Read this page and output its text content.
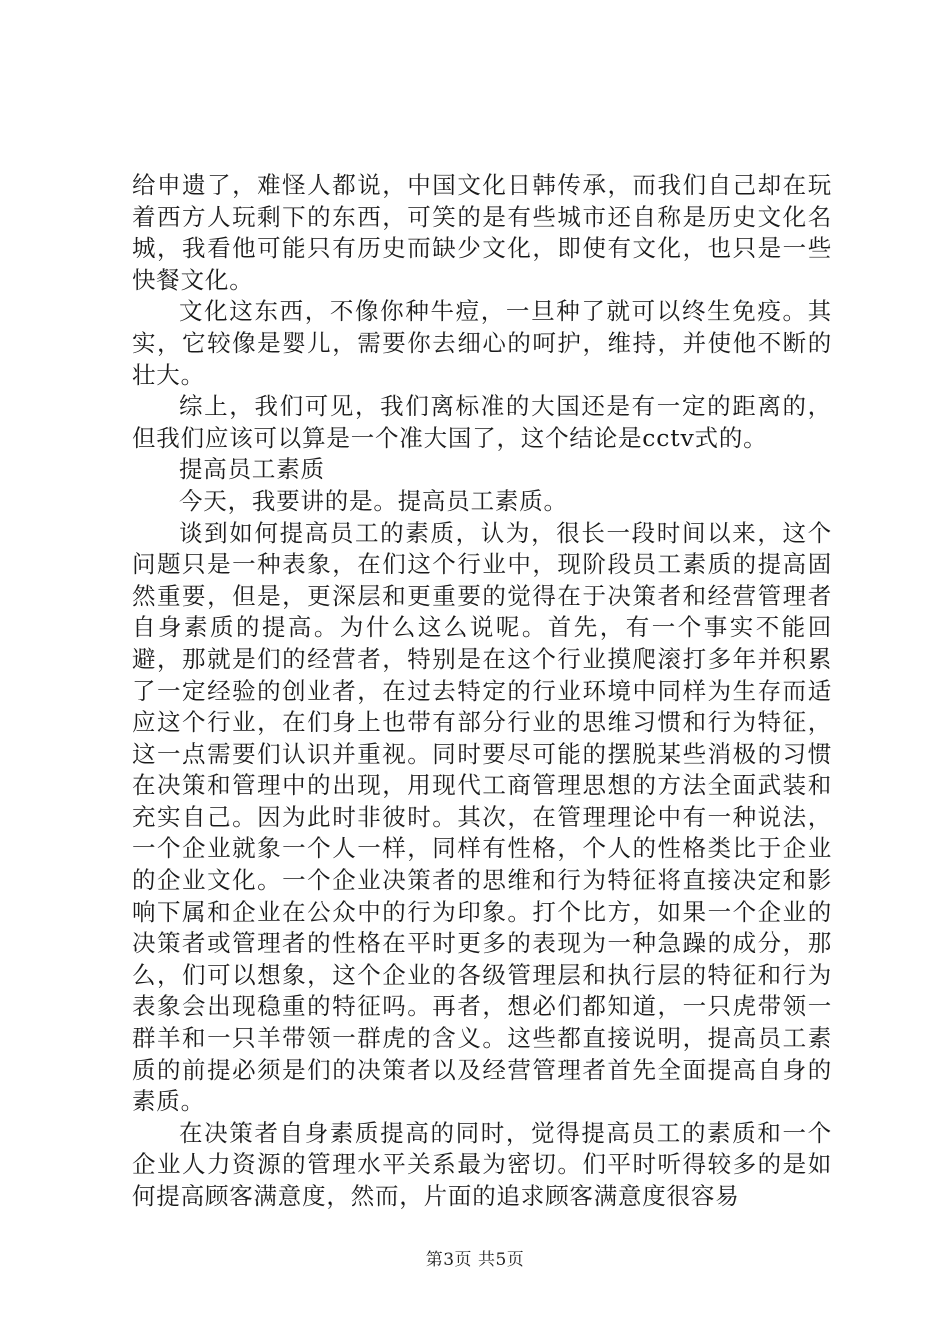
给申遗了，难怪人都说，中国文化日韩传承，而我们自己却在玩着西方人玩剩下的东西，可笑的是有些城市还自称是历史文化名城，我看他可能只有历史而缺少文化，即使有文化，也只是一些快餐文化。

文化这东西，不像你种牛痘，一旦种了就可以终生免疫。其实，它较像是婴儿，需要你去细心的呵护，维持，并使他不断的壮大。

综上，我们可见，我们离标准的大国还是有一定的距离的，但我们应该可以算是一个准大国了，这个结论是cctv式的。

提高员工素质

今天，我要讲的是。提高员工素质。

谈到如何提高员工的素质，认为，很长一段时间以来，这个问题只是一种表象，在们这个行业中，现阶段员工素质的提高固然重要，但是，更深层和更重要的觉得在于决策者和经营管理者自身素质的提高。为什么这么说呢。首先，有一个事实不能回避，那就是们的经营者，特别是在这个行业摸爬滚打多年并积累了一定经验的创业者，在过去特定的行业环境中同样为生存而适应这个行业，在们身上也带有部分行业的思维习惯和行为特征，这一点需要们认识并重视。同时要尽可能的摆脱某些消极的习惯在决策和管理中的出现，用现代工商管理思想的方法全面武装和充实自己。因为此时非彼时。其次，在管理理论中有一种说法，一个企业就象一个人一样，同样有性格，个人的性格类比于企业的企业文化。一个企业决策者的思维和行为特征将直接决定和影响下属和企业在公众中的行为印象。打个比方，如果一个企业的决策者或管理者的性格在平时更多的表现为一种急躁的成分，那么，们可以想象，这个企业的各级管理层和执行层的特征和行为表象会出现稳重的特征吗。再者，想必们都知道，一只虎带领一群羊和一只羊带领一群虎的含义。这些都直接说明，提高员工素质的前提必须是们的决策者以及经营管理者首先全面提高自身的素质。

在决策者自身素质提高的同时，觉得提高员工的素质和一个企业人力资源的管理水平关系最为密切。们平时听得较多的是如何提高顾客满意度，然而，片面的追求顾客满意度很容易

第3页 共5页
